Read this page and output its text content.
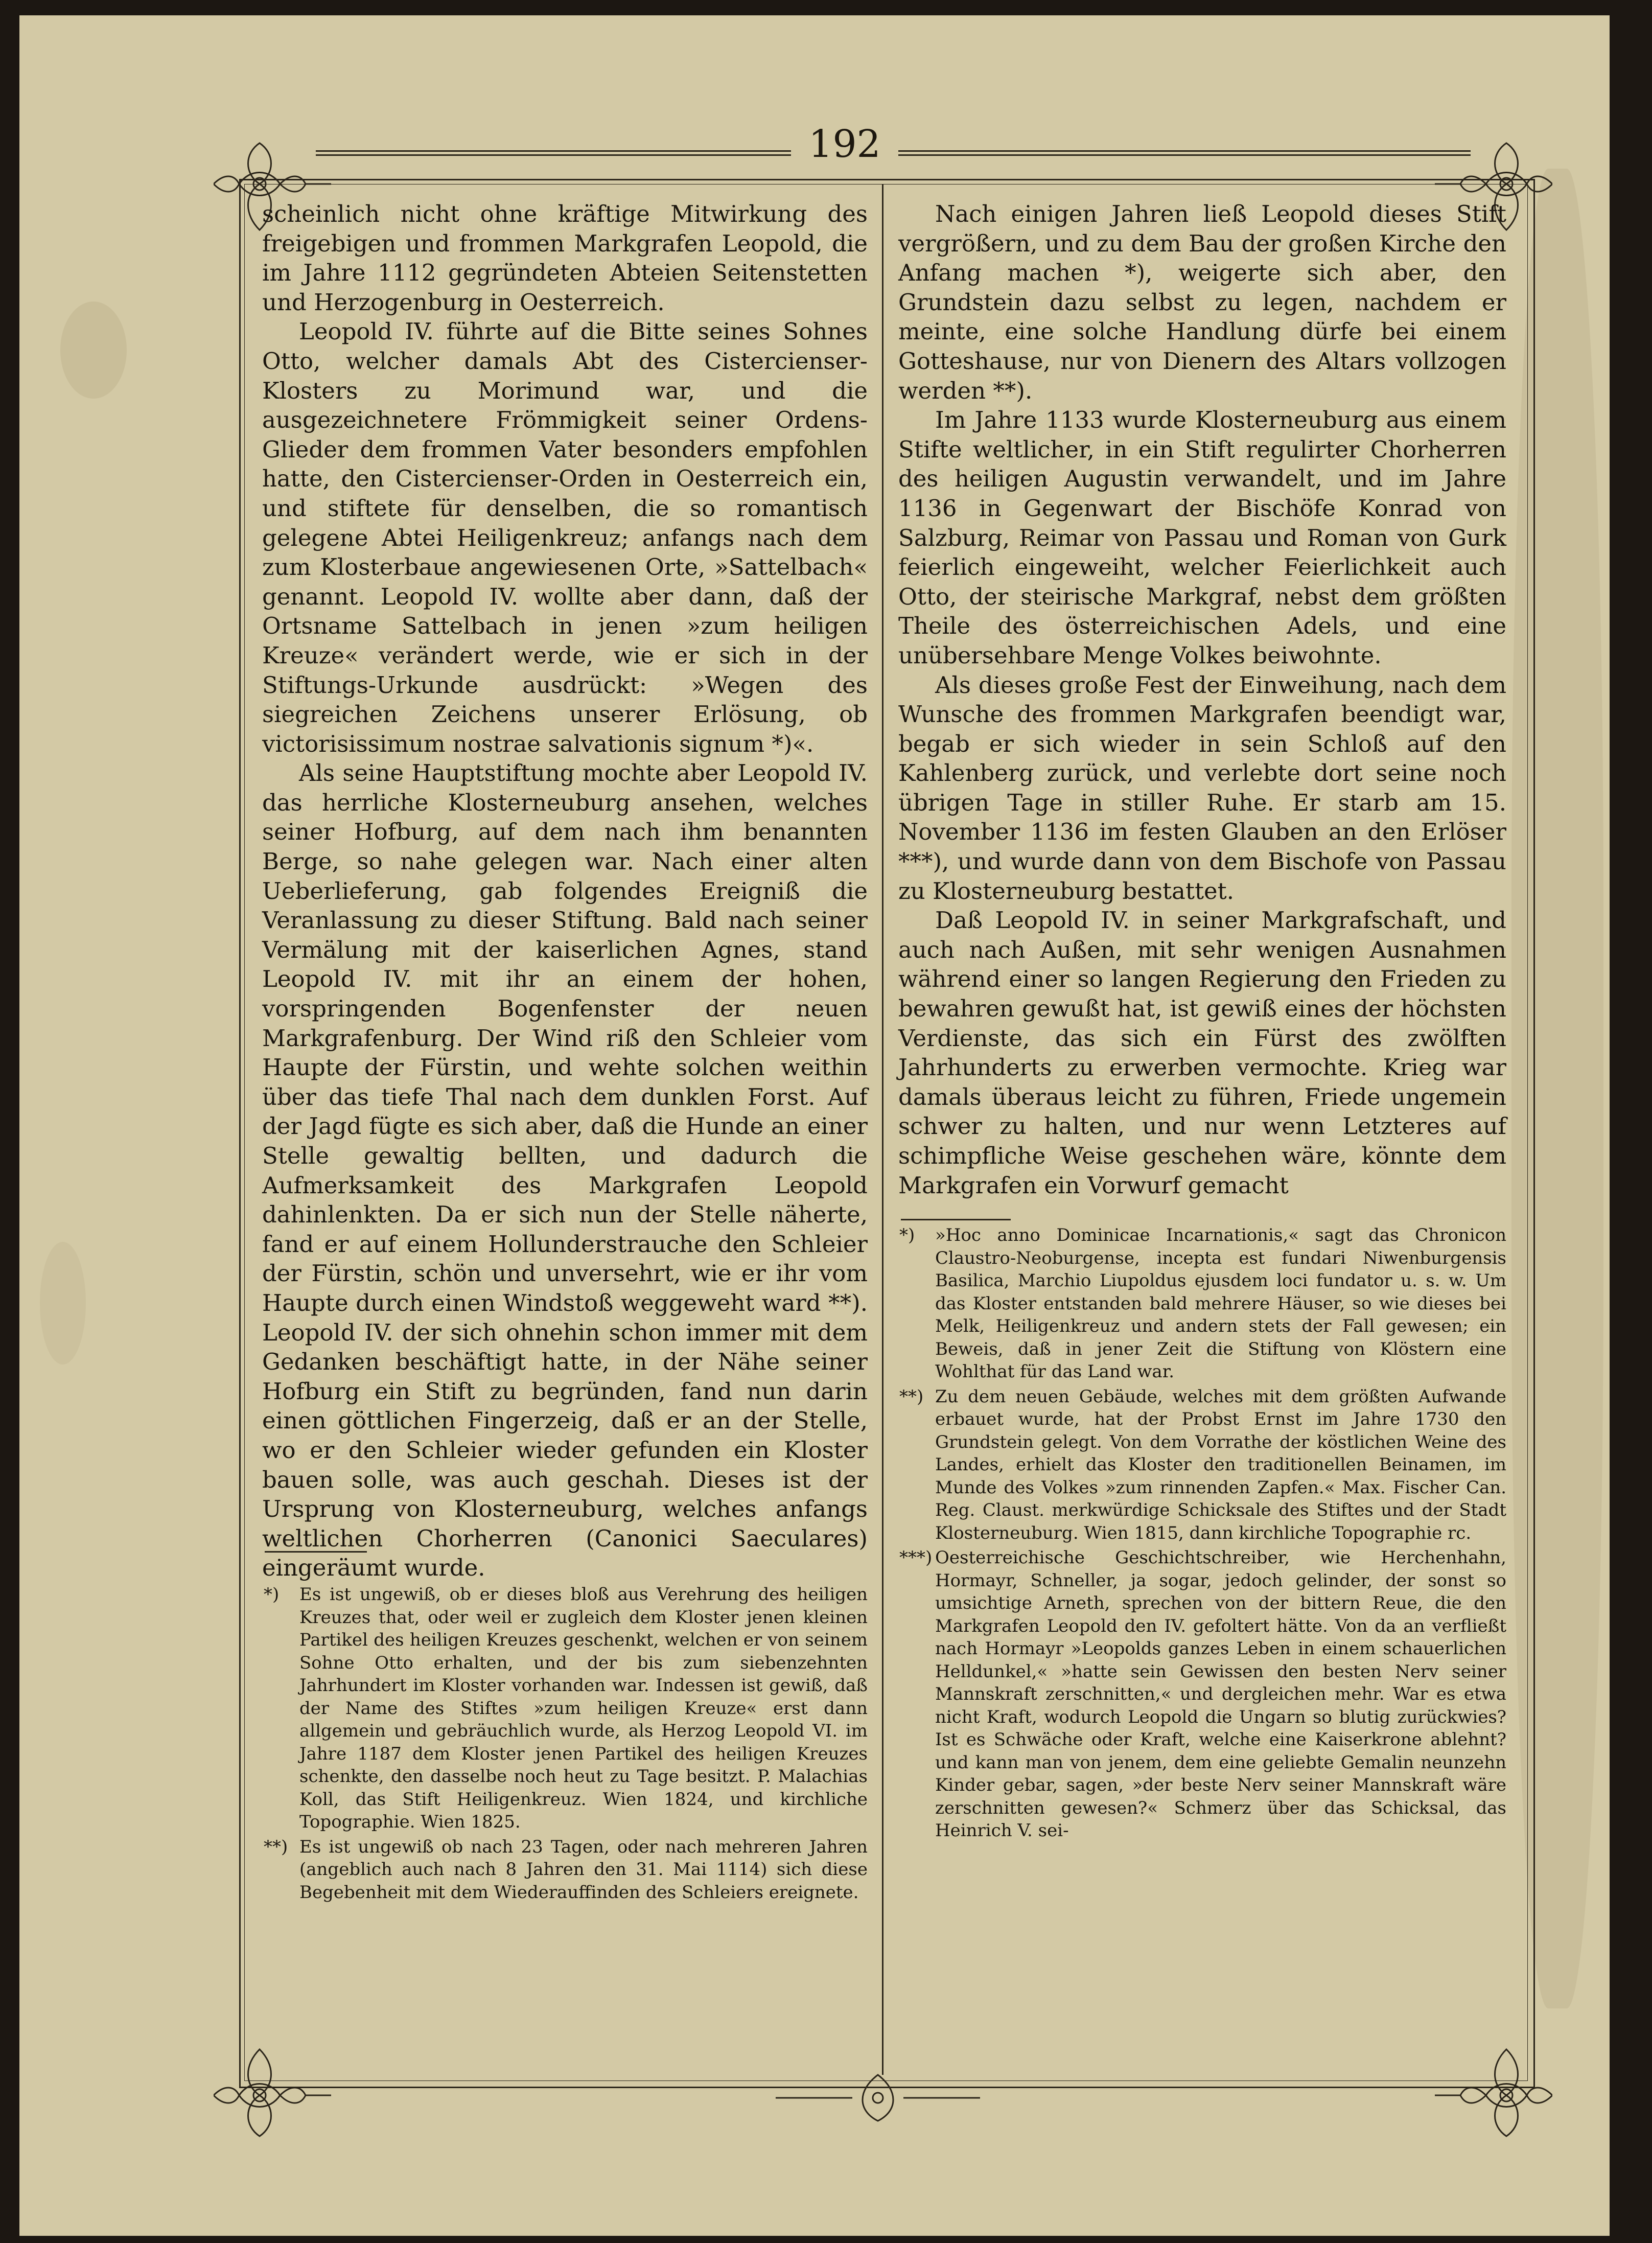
192

scheinlich nicht ohne kräftige Mitwirkung des freigebigen und frommen Markgrafen Leopold, die im Jahre 1112 gegründeten Abteien Seitenstetten und Herzogenburg in Oesterreich.

Leopold IV. führte auf die Bitte seines Sohnes Otto, welcher damals Abt des Cistercienser-Klosters zu Morimund war, und die ausgezeichnetere Frömmigkeit seiner Ordens-Glieder dem frommen Vater besonders empfohlen hatte, den Cistercienser-Orden in Oesterreich ein, und stiftete für denselben, die so romantisch gelegene Abtei Heiligenkreuz; anfangs nach dem zum Klosterbaue angewiesenen Orte, »Sattelbach« genannt. Leopold IV. wollte aber dann, daß der Ortsname Sattelbach in jenen »zum heiligen Kreuze« verändert werde, wie er sich in der Stiftungs-Urkunde ausdrückt: »Wegen des siegreichen Zeichens unserer Erlösung, ob victorisissimum nostrae salvationis signum *)«.

Als seine Hauptstiftung mochte aber Leopold IV. das herrliche Klosterneuburg ansehen, welches seiner Hofburg, auf dem nach ihm benannten Berge, so nahe gelegen war. Nach einer alten Ueberlieferung, gab folgendes Ereigniß die Veranlassung zu dieser Stiftung. Bald nach seiner Vermälung mit der kaiserlichen Agnes, stand Leopold IV. mit ihr an einem der hohen, vorspringenden Bogenfenster der neuen Markgrafenburg. Der Wind riß den Schleier vom Haupte der Fürstin, und wehte solchen weithin über das tiefe Thal nach dem dunklen Forst. Auf der Jagd fügte es sich aber, daß die Hunde an einer Stelle gewaltig bellten, und dadurch die Aufmerksamkeit des Markgrafen Leopold dahinlenkten. Da er sich nun der Stelle näherte, fand er auf einem Hollunderstrauche den Schleier der Fürstin, schön und unversehrt, wie er ihr vom Haupte durch einen Windstoß weggeweht ward **). Leopold IV. der sich ohnehin schon immer mit dem Gedanken beschäftigt hatte, in der Nähe seiner Hofburg ein Stift zu begründen, fand nun darin einen göttlichen Fingerzeig, daß er an der Stelle, wo er den Schleier wieder gefunden ein Kloster bauen solle, was auch geschah. Dieses ist der Ursprung von Klosterneuburg, welches anfangs weltlichen Chorherren (Canonici Saeculares) eingeräumt wurde.

Nach einigen Jahren ließ Leopold dieses Stift vergrößern, und zu dem Bau der großen Kirche den Anfang machen *), weigerte sich aber, den Grundstein dazu selbst zu legen, nachdem er meinte, eine solche Handlung dürfe bei einem Gotteshause, nur von Dienern des Altars vollzogen werden **).

Im Jahre 1133 wurde Klosterneuburg aus einem Stifte weltlicher, in ein Stift regulirter Chorherren des heiligen Augustin verwandelt, und im Jahre 1136 in Gegenwart der Bischöfe Konrad von Salzburg, Reimar von Passau und Roman von Gurk feierlich eingeweiht, welcher Feierlichkeit auch Otto, der steirische Markgraf, nebst dem größten Theile des österreichischen Adels, und eine unübersehbare Menge Volkes beiwohnte.

Als dieses große Fest der Einweihung, nach dem Wunsche des frommen Markgrafen beendigt war, begab er sich wieder in sein Schloß auf den Kahlenberg zurück, und verlebte dort seine noch übrigen Tage in stiller Ruhe. Er starb am 15. November 1136 im festen Glauben an den Erlöser ***), und wurde dann von dem Bischofe von Passau zu Klosterneuburg bestattet.

Daß Leopold IV. in seiner Markgrafschaft, und auch nach Außen, mit sehr wenigen Ausnahmen während einer so langen Regierung den Frieden zu bewahren gewußt hat, ist gewiß eines der höchsten Verdienste, das sich ein Fürst des zwölften Jahrhunderts zu erwerben vermochte. Krieg war damals überaus leicht zu führen, Friede ungemein schwer zu halten, und nur wenn Letzteres auf schimpfliche Weise geschehen wäre, könnte dem Markgrafen ein Vorwurf gemacht

*) Es ist ungewiß, ob er dieses bloß aus Verehrung des heiligen Kreuzes that, oder weil er zugleich dem Kloster jenen kleinen Partikel des heiligen Kreuzes geschenkt, welchen er von seinem Sohne Otto erhalten, und der bis zum siebenzehnten Jahrhundert im Kloster vorhanden war. Indessen ist gewiß, daß der Name des Stiftes »zum heiligen Kreuze« erst dann allgemein und gebräuchlich wurde, als Herzog Leopold VI. im Jahre 1187 dem Kloster jenen Partikel des heiligen Kreuzes schenkte, den dasselbe noch heut zu Tage besitzt. P. Malachias Koll, das Stift Heiligenkreuz. Wien 1824, und kirchliche Topographie. Wien 1825.

**) Es ist ungewiß ob nach 23 Tagen, oder nach mehreren Jahren (angeblich auch nach 8 Jahren den 31. Mai 1114) sich diese Begebenheit mit dem Wiederauffinden des Schleiers ereignete.

*) »Hoc anno Dominicae Incarnationis,« sagt das Chronicon Claustro-Neoburgense, incepta est fundari Niwenburgensis Basilica, Marchio Liupoldus ejusdem loci fundator u. s. w. Um das Kloster entstanden bald mehrere Häuser, so wie dieses bei Melk, Heiligenkreuz und andern stets der Fall gewesen; ein Beweis, daß in jener Zeit die Stiftung von Klöstern eine Wohlthat für das Land war.

**) Zu dem neuen Gebäude, welches mit dem größten Aufwande erbauet wurde, hat der Probst Ernst im Jahre 1730 den Grundstein gelegt. Von dem Vorrathe der köstlichen Weine des Landes, erhielt das Kloster den traditionellen Beinamen, im Munde des Volkes »zum rinnenden Zapfen.« Max. Fischer Can. Reg. Claust. merkwürdige Schicksale des Stiftes und der Stadt Klosterneuburg. Wien 1815, dann kirchliche Topographie rc.

***) Oesterreichische Geschichtschreiber, wie Herchenhahn, Hormayr, Schneller, ja sogar, jedoch gelinder, der sonst so umsichtige Arneth, sprechen von der bittern Reue, die den Markgrafen Leopold den IV. gefoltert hätte. Von da an verfließt nach Hormayr »Leopolds ganzes Leben in einem schauerlichen Helldunkel,« »hatte sein Gewissen den besten Nerv seiner Mannskraft zerschnitten,« und dergleichen mehr. War es etwa nicht Kraft, wodurch Leopold die Ungarn so blutig zurückwies? Ist es Schwäche oder Kraft, welche eine Kaiserkrone ablehnt? und kann man von jenem, dem eine geliebte Gemalin neunzehn Kinder gebar, sagen, »der beste Nerv seiner Mannskraft wäre zerschnitten gewesen?« Schmerz über das Schicksal, das Heinrich V. sei-
